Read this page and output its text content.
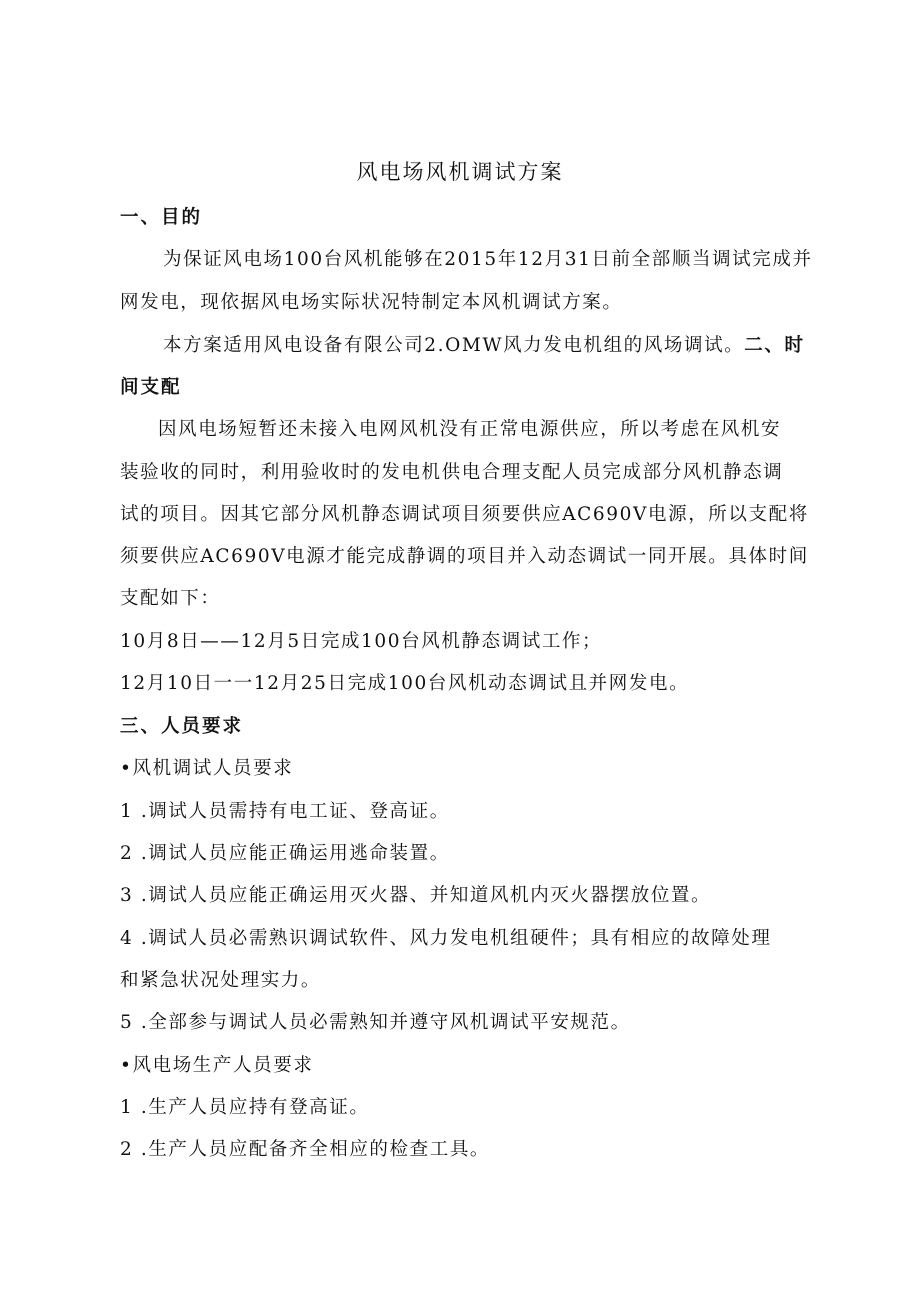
风电场风机调试方案
一、目的
为保证风电场100台风机能够在2015年12月31日前全部顺当调试完成并
网发电，现依据风电场实际状况特制定本风机调试方案。
本方案适用风电设备有限公司2.OMW风力发电机组的风场调试。二、时
间支配
因风电场短暂还未接入电网风机没有正常电源供应，所以考虑在风机安
装验收的同时，利用验收时的发电机供电合理支配人员完成部分风机静态调
试的项目。因其它部分风机静态调试项目须要供应AC690V电源，所以支配将
须要供应AC690V电源才能完成静调的项目并入动态调试一同开展。具体时间
支配如下：
10月8日——12月5日完成100台风机静态调试工作；
12月10日一一12月25日完成100台风机动态调试且并网发电。
三、人员要求
•风机调试人员要求
1 .调试人员需持有电工证、登高证。
2 .调试人员应能正确运用逃命装置。
3 .调试人员应能正确运用灭火器、并知道风机内灭火器摆放位置。
4 .调试人员必需熟识调试软件、风力发电机组硬件；具有相应的故障处理
和紧急状况处理实力。
5 .全部参与调试人员必需熟知并遵守风机调试平安规范。
•风电场生产人员要求
1 .生产人员应持有登高证。
2 .生产人员应配备齐全相应的检查工具。
